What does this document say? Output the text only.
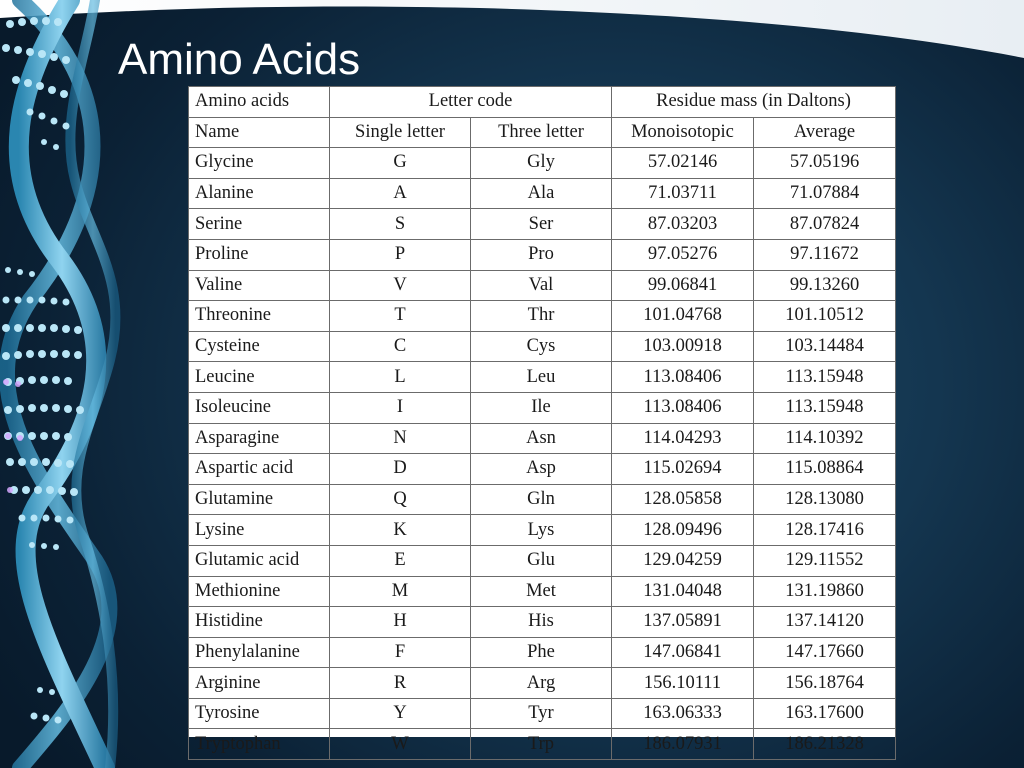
Amino Acids
Amino acids	Letter code		Residue mass (in Daltons)	
Name	Single letter	Three letter	Monoisotopic	Average
Glycine	G	Gly	57.02146	57.05196
Alanine	A	Ala	71.03711	71.07884
Serine	S	Ser	87.03203	87.07824
Proline	P	Pro	97.05276	97.11672
Valine	V	Val	99.06841	99.13260
Threonine	T	Thr	101.04768	101.10512
Cysteine	C	Cys	103.00918	103.14484
Leucine	L	Leu	113.08406	113.15948
Isoleucine	I	Ile	113.08406	113.15948
Asparagine	N	Asn	114.04293	114.10392
Aspartic acid	D	Asp	115.02694	115.08864
Glutamine	Q	Gln	128.05858	128.13080
Lysine	K	Lys	128.09496	128.17416
Glutamic acid	E	Glu	129.04259	129.11552
Methionine	M	Met	131.04048	131.19860
Histidine	H	His	137.05891	137.14120
Phenylalanine	F	Phe	147.06841	147.17660
Arginine	R	Arg	156.10111	156.18764
Tyrosine	Y	Tyr	163.06333	163.17600
Tryptophan	W	Trp	186.07931	186.21328
